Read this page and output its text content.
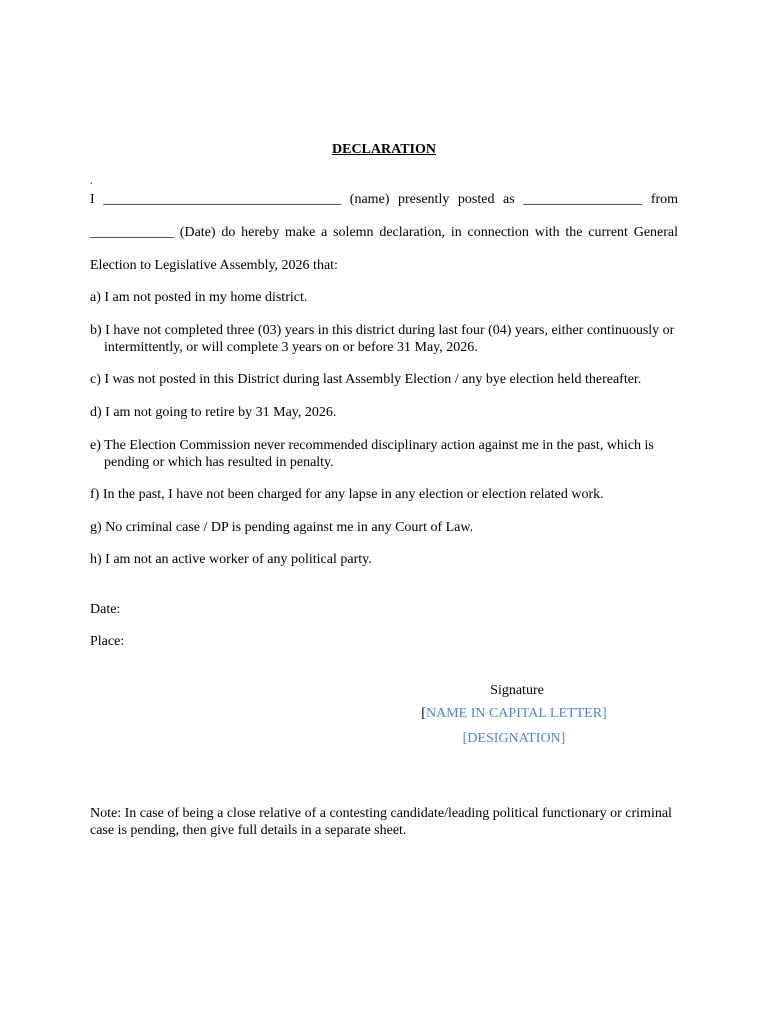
DECLARATION
.
I __________________________________ (name) presently posted as _________________ from
____________ (Date) do hereby make a solemn declaration, in connection with the current General
Election to Legislative Assembly, 2026 that:
a) I am not posted in my home district.
b) I have not completed three (03) years in this district during last four (04) years, either continuously or
intermittently, or will complete 3 years on or before 31 May, 2026.
c) I was not posted in this District during last Assembly Election / any bye election held thereafter.
d) I am not going to retire by 31 May, 2026.
e) The Election Commission never recommended disciplinary action against me in the past, which is
pending or which has resulted in penalty.
f) In the past, I have not been charged for any lapse in any election or election related work.
g) No criminal case / DP is pending against me in any Court of Law.
h) I am not an active worker of any political party.
Date:
Place:
Signature
[NAME IN CAPITAL LETTER]
[DESIGNATION]
Note: In case of being a close relative of a contesting candidate/leading political functionary or criminal
case is pending, then give full details in a separate sheet.
